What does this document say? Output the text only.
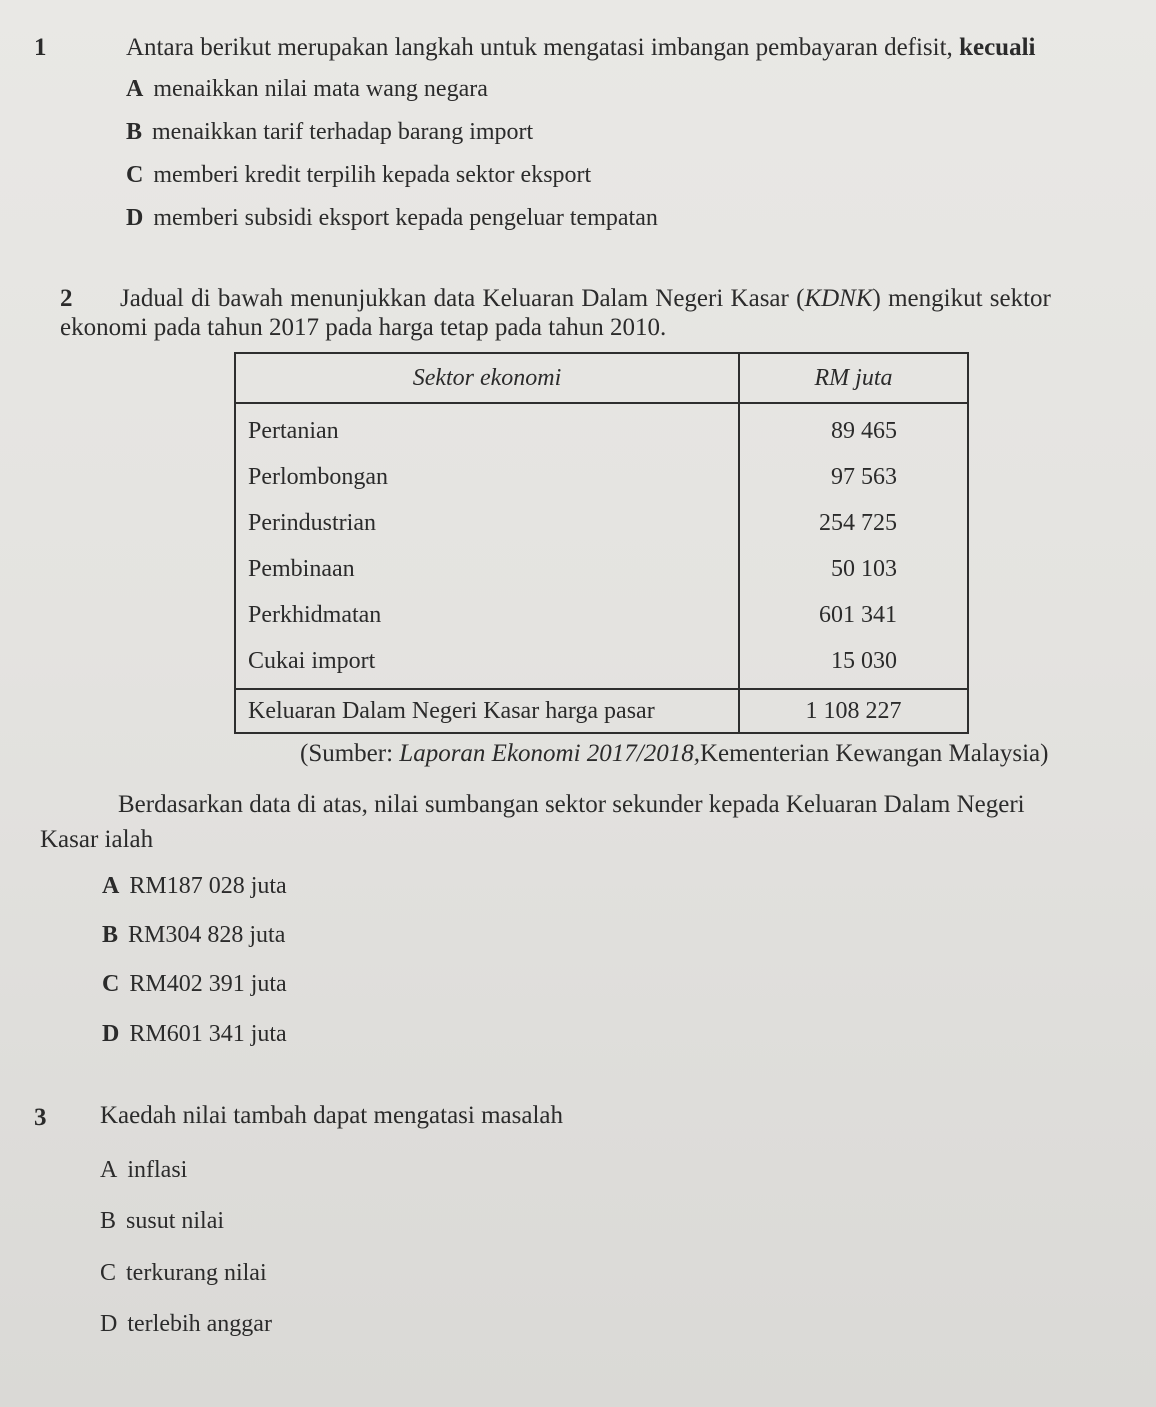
1	Antara berikut merupakan langkah untuk mengatasi imbangan pembayaran defisit, kecuali
A menaikkan nilai mata wang negara
B menaikkan tarif terhadap barang import
C memberi kredit terpilih kepada sektor eksport
D memberi subsidi eksport kepada pengeluar tempatan
2 Jadual di bawah menunjukkan data Keluaran Dalam Negeri Kasar (KDNK) mengikut sektor
ekonomi pada tahun 2017 pada harga tetap pada tahun 2010.
Sektor ekonomi	RM juta
Pertanian	89 465
Perlombongan	97 563
Perindustrian	254 725
Pembinaan	50 103
Perkhidmatan	601 341
Cukai import	15 030
Keluaran Dalam Negeri Kasar harga pasar	1 108 227
(Sumber: Laporan Ekonomi 2017/2018,Kementerian Kewangan Malaysia)
Berdasarkan data di atas, nilai sumbangan sektor sekunder kepada Keluaran Dalam Negeri
Kasar ialah
A RM187 028 juta
B RM304 828 juta
C RM402 391 juta
D RM601 341 juta
3 Kaedah nilai tambah dapat mengatasi masalah
A inflasi
B susut nilai
C terkurang nilai
D terlebih anggar
